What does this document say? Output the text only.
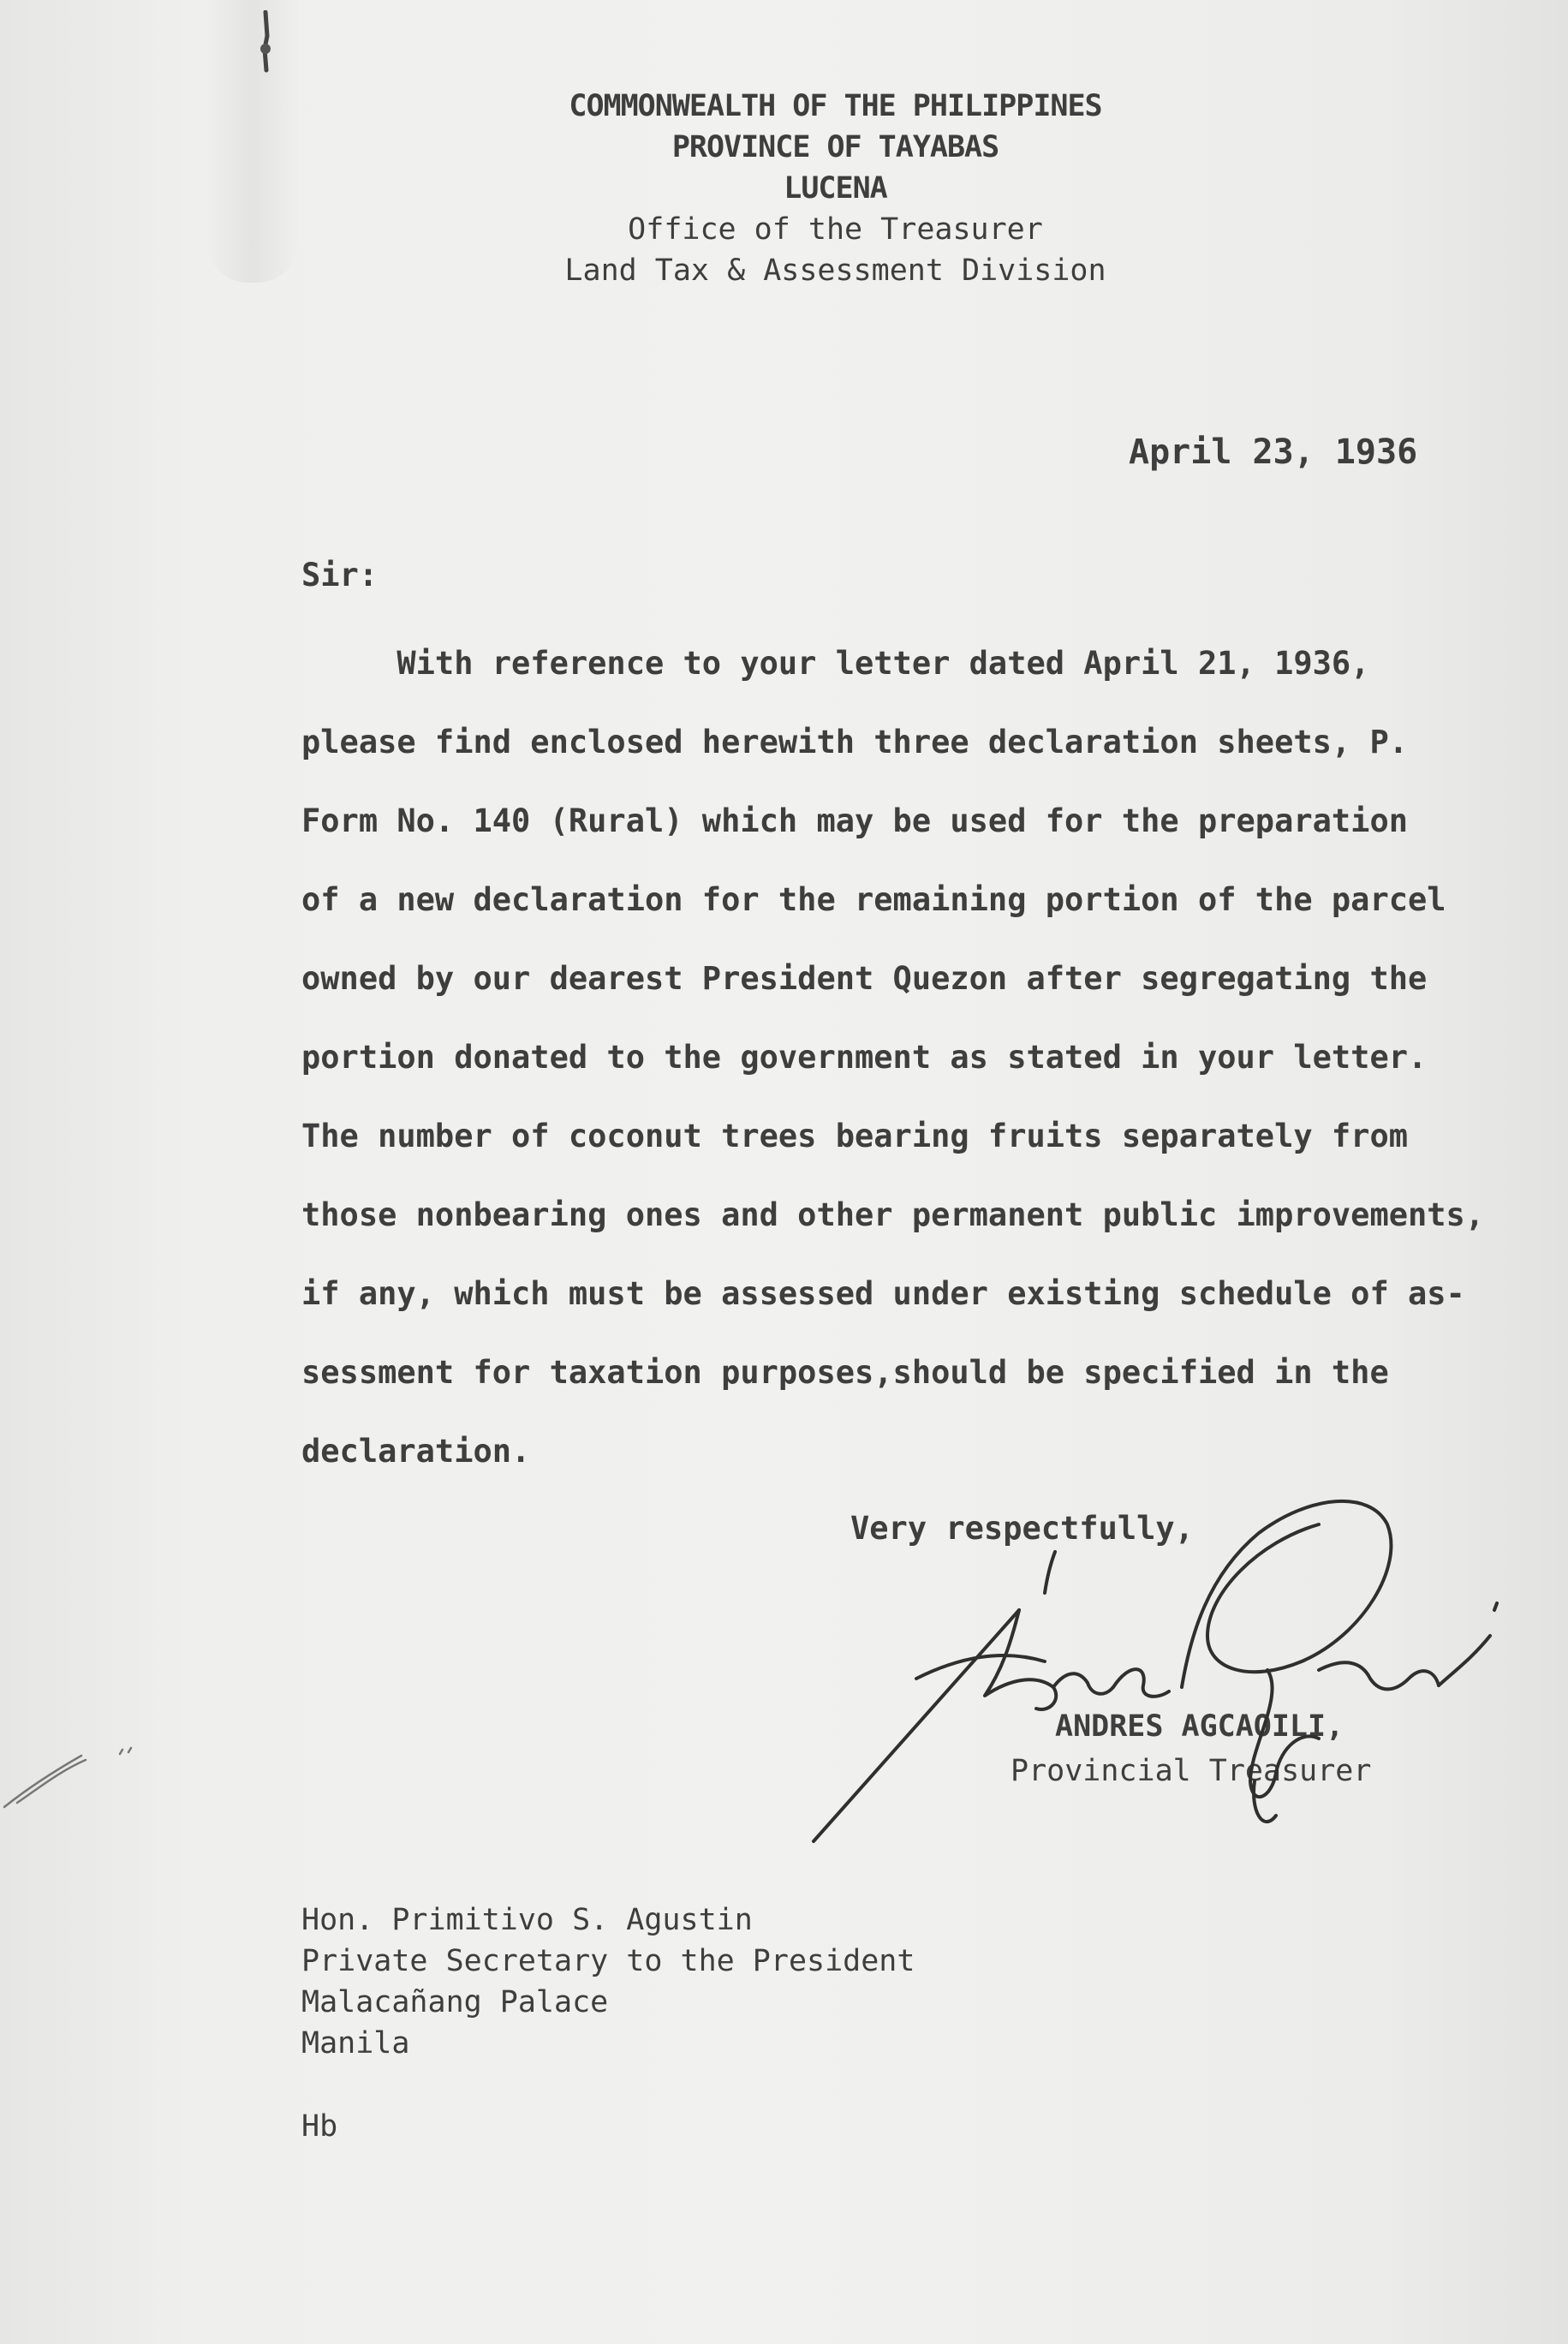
COMMONWEALTH OF THE PHILIPPINES
PROVINCE OF TAYABAS
LUCENA
Office of the Treasurer
Land Tax & Assessment Division
April 23, 1936
Sir:
With reference to your letter dated April 21, 1936,
please find enclosed herewith three declaration sheets, P.
Form No. 140 (Rural) which may be used for the preparation
of a new declaration for the remaining portion of the parcel
owned by our dearest President Quezon after segregating the
portion donated to the government as stated in your letter.
The number of coconut trees bearing fruits separately from
those nonbearing ones and other permanent public improvements,
if any, which must be assessed under existing schedule of as-
sessment for taxation purposes,should be specified in the
declaration.
Very respectfully,
ANDRES AGCAOILI,
Provincial Treasurer
Hon. Primitivo S. Agustin
Private Secretary to the President
Malacañang Palace
Manila
Hb
